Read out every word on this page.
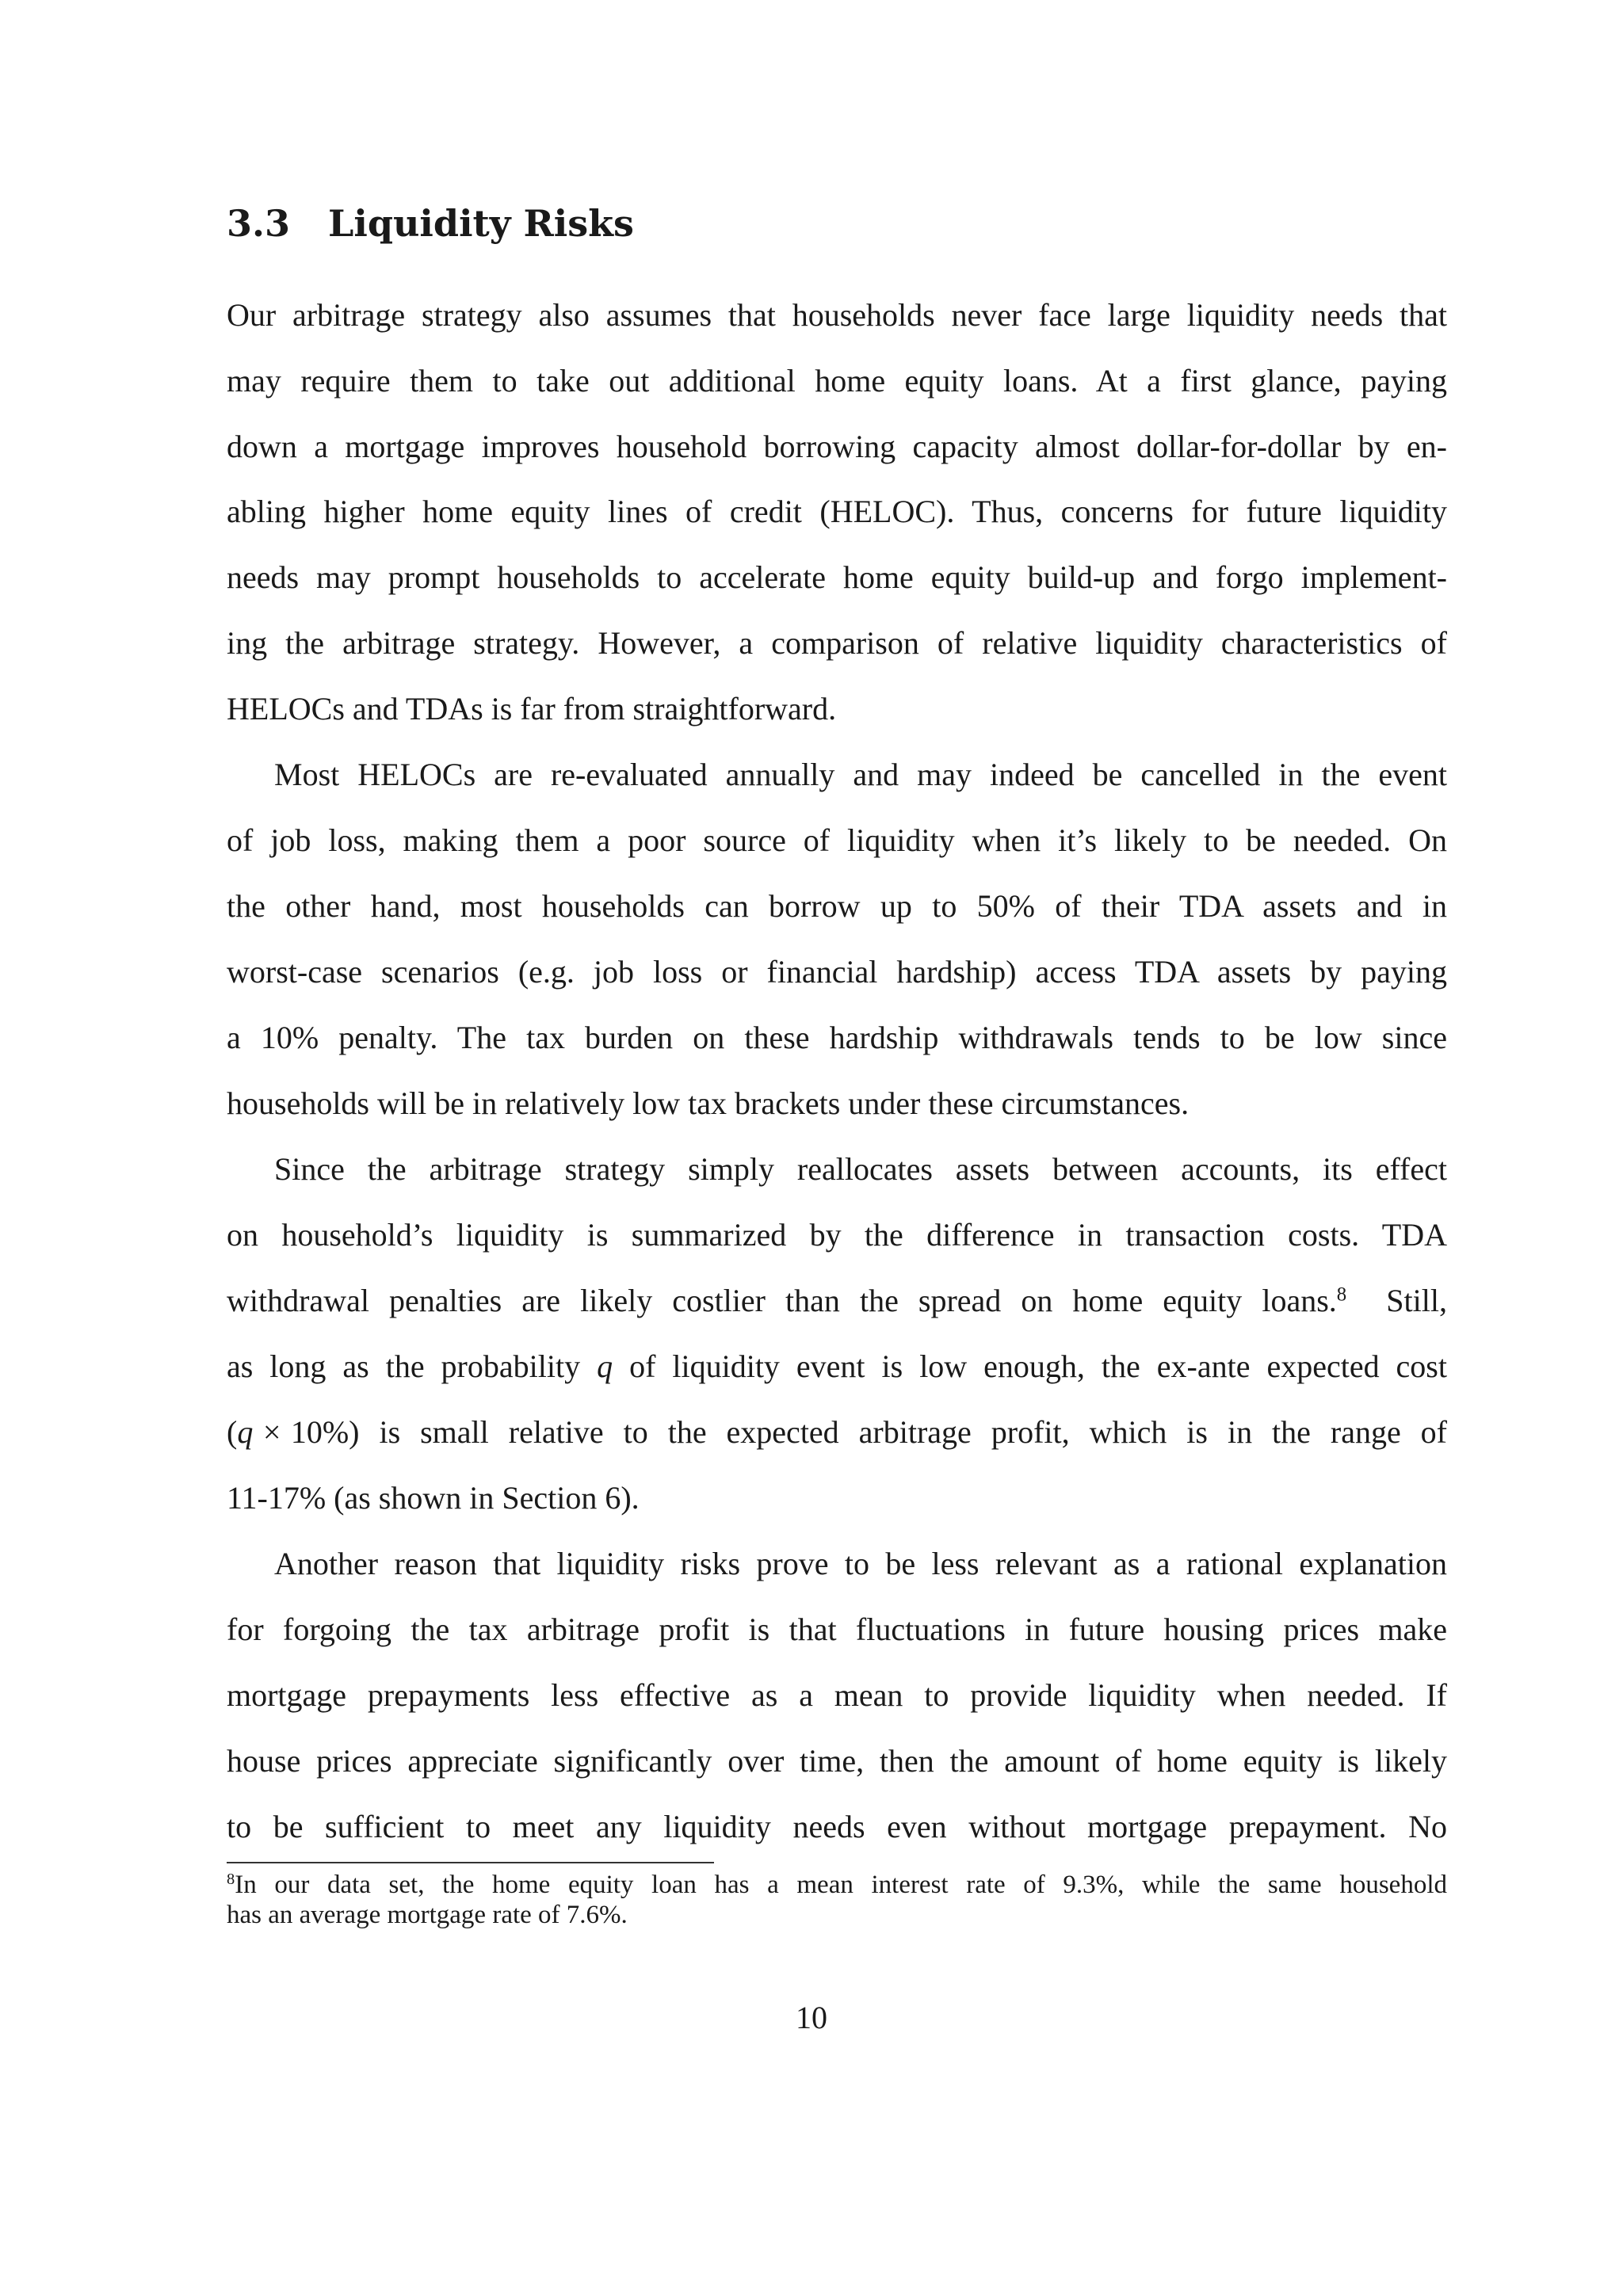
3.3 Liquidity Risks
Our arbitrage strategy also assumes that households never face large liquidity needs that
may require them to take out additional home equity loans. At a first glance, paying
down a mortgage improves household borrowing capacity almost dollar-for-dollar by en-
abling higher home equity lines of credit (HELOC). Thus, concerns for future liquidity
needs may prompt households to accelerate home equity build-up and forgo implement-
ing the arbitrage strategy. However, a comparison of relative liquidity characteristics of
HELOCs and TDAs is far from straightforward.
Most HELOCs are re-evaluated annually and may indeed be cancelled in the event
of job loss, making them a poor source of liquidity when it’s likely to be needed. On
the other hand, most households can borrow up to 50% of their TDA assets and in
worst-case scenarios (e.g. job loss or financial hardship) access TDA assets by paying
a 10% penalty. The tax burden on these hardship withdrawals tends to be low since
households will be in relatively low tax brackets under these circumstances.
Since the arbitrage strategy simply reallocates assets between accounts, its effect
on household’s liquidity is summarized by the difference in transaction costs. TDA
withdrawal penalties are likely costlier than the spread on home equity loans.$^8$  Still,
as long as the probability q of liquidity event is low enough, the ex-ante expected cost
(q × 10%)  is  small  relative  to  the  expected  arbitrage  profit,  which  is  in  the  range  of
11-17% (as shown in Section 6).
Another reason that liquidity risks prove to be less relevant as a rational explanation
for forgoing the tax arbitrage profit is that fluctuations in future housing prices make
mortgage prepayments less effective as a mean to provide liquidity when needed. If
house prices appreciate significantly over time, then the amount of home equity is likely
to be sufficient to meet any liquidity needs even without mortgage prepayment. No
$^8$In our data set, the home equity loan has a mean interest rate of 9.3%, while the same household
has an average mortgage rate of 7.6%.
10
